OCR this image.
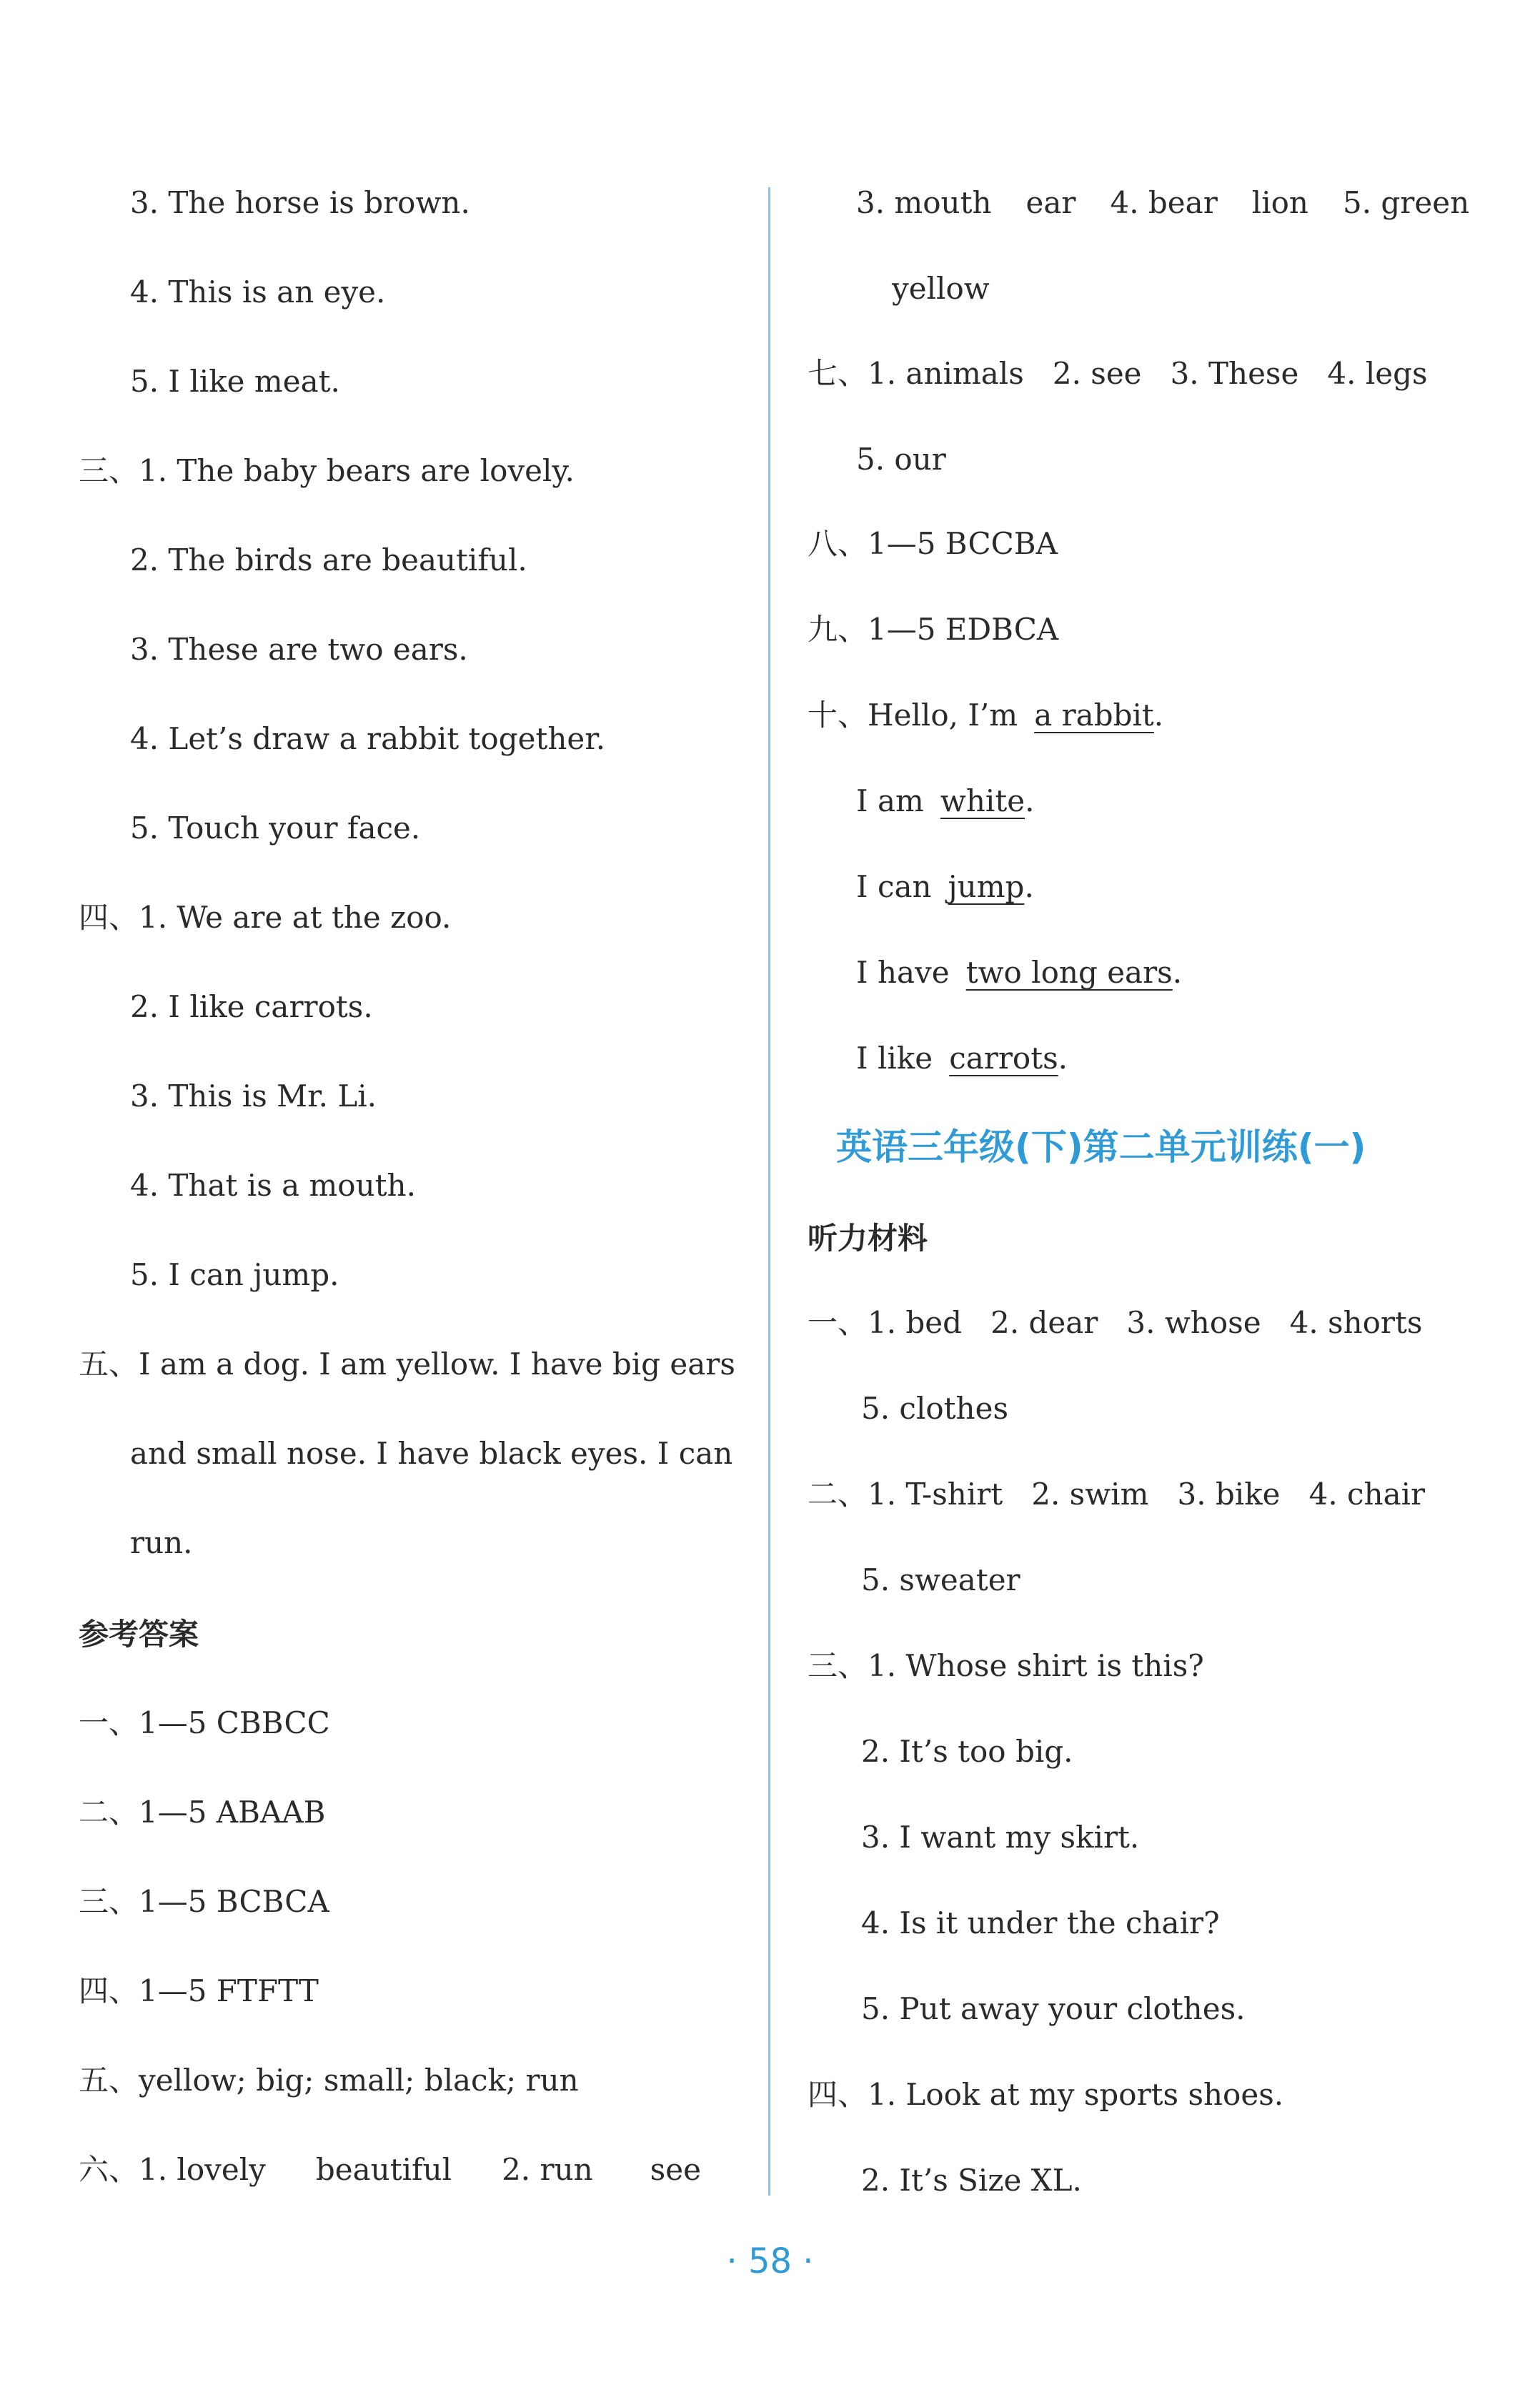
3. The horse is brown.
4. This is an eye.
5. I like meat.
三、1. The baby bears are lovely.
2. The birds are beautiful.
3. These are two ears.
4. Let’s draw a rabbit together.
5. Touch your face.
四、1. We are at the zoo.
2. I like carrots.
3. This is Mr. Li.
4. That is a mouth.
5. I can jump.
五、I am a dog. I am yellow. I have big ears
and small nose. I have black eyes. I can
run.
参考答案
一、1—5 CBBCC
二、1—5 ABAAB
三、1—5 BCBCA
四、1—5 FTFTT
五、yellow; big; small; black; run
六、1. lovely beautiful 2. run see
3. mouth ear 4. bear lion 5. green
yellow
七、1. animals   2. see   3. These   4. legs
5. our
八、1—5 BCCBA
九、1—5 EDBCA
十、Hello, I’m a rabbit.
I am white.
I can jump.
I have two long ears.
I like carrots.
英语三年级(下)第二单元训练(一)
听力材料
一、1. bed   2. dear   3. whose   4. shorts
5. clothes
二、1. T-shirt   2. swim   3. bike   4. chair
5. sweater
三、1. Whose shirt is this?
2. It’s too big.
3. I want my skirt.
4. Is it under the chair?
5. Put away your clothes.
四、1. Look at my sports shoes.
2. It’s Size XL.
· 58 ·
